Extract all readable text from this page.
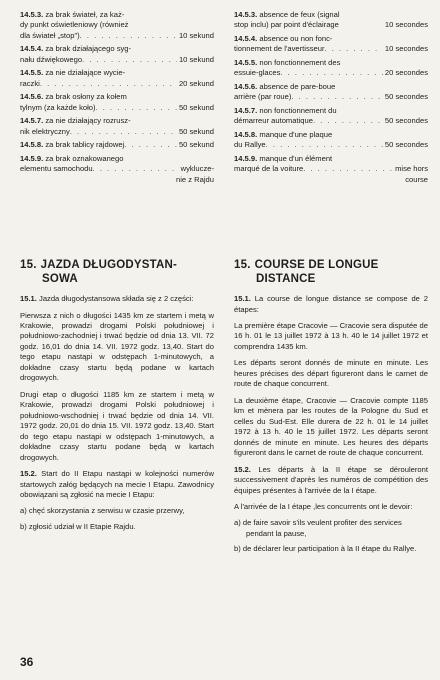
14.5.3. za brak świateł, za każ-
dy punkt oświetleniowy (również
dla świateł „stop") . . .	10 sekund
14.5.4. za brak działającego syg-
nału dźwiękowego . . .	10 sekund
14.5.5. za nie działające wycie-
raczki . . .	20 sekund
14.5.6. za brak osłony za kołem
tylnym (za każde koło) . . .	50 sekund
14.5.7. za nie działający rozrusz-
nik elektryczny . . .	50 sekund
14.5.8. za brak tablicy rajdowej . . .	50 sekund
14.5.9. za brak oznakowanego
elementu samochodu . . .	wykluczе-
nie z Rajdu
15. JAZDA DŁUGODYSTAN-
SOWA

15.1. Jazda długodystansowa składa się z 2 części:

Pierwsza z nich o długości 1435 km ze startem i metą w Krakowie, prowadzi drogami Polski południowej i południowo-zachodniej i trwać będzie od dnia 13. VII. 72 godz. 16,01 do dnia 14. VII. 1972 godz. 13,40. Start do tego etapu nastąpi w odstępach 1-minutowych, a dokładne czasy startu będą podane w kartach drogowych.

Drugi etap o długości 1185 km ze startem i metą w Krakowie, prowadzi drogami Polski południowej i południowo-wschodniej i trwać będzie od dnia 14. VII. 1972 godz. 20,01 do dnia 15. VII. 1972 godz. 13,40. Start do tego etapu nastąpi w odstępach 1-minutowych, a dokładne czasy startu podane będą w kartach drogowych.

15.2. Start do II Etapu nastąpi w kolejności numerów startowych załóg będących na mecie I Etapu. Zawodnicy obowiązani są zgłosić na mecie I Etapu:

a) chęć skorzystania z serwisu w czasie przerwy,
b) zgłosić udział w II Etapie Rajdu.
14.5.3. absence de feux (signal
stop inclu) par point d'éclairage	10 secondes
14.5.4. absence ou non fonc-
tionnement de l'avertisseur . . .	10 secondes
14.5.5. non fonctionnement des
essuie-glaces . . .	20 secondes
14.5.6. absence de pare-boue
arrière (par roue) . . .	50 secondes
14.5.7. non fonctionnement du
démarreur automatique . . .	50 secondes
14.5.8. manque d'une plaque
du Rallye . . .	50 secondes
14.5.9. manque d'un élément
marqué de la voiture . . .	mise hors
course
15. COURSE DE LONGUE
DISTANCE

15.1. La course de longue distance se compose de 2 étapes:

La première étape Cracovie — Cracovie sera disputée de 16 h. 01 le 13 juillet 1972 à 13 h. 40 le 14 juillet 1972 et comprendra 1435 km.

Les départs seront donnés de minute en minute. Les heures précises des départ figureront dans le carnet de route de chaque concurrent.

La deuxième étape, Cracovie — Cracovie compte 1185 km et mènera par les routes de la Pologne du Sud et celles du Sud-Est. Elle durera de 22 h. 01 le 14 juillet 1972 à 13 h. 40 le 15 juillet 1972. Les départs seront donnés de minute en minute. Les heures des départs figureront dans le carnet de route de chaque concurrent.

15.2. Les départs à la II étape se dérouleront successivement d'après les numéros de compétition des équipes présentes à l'arrivée de la I étape.

A l'arrivée de la I étape ,les concurrents ont le devoir:

a) de faire savoir s'ils veulent profiter des services pendant la pause,
b) de déclarer leur participation à la II étape du Rallye.
36
